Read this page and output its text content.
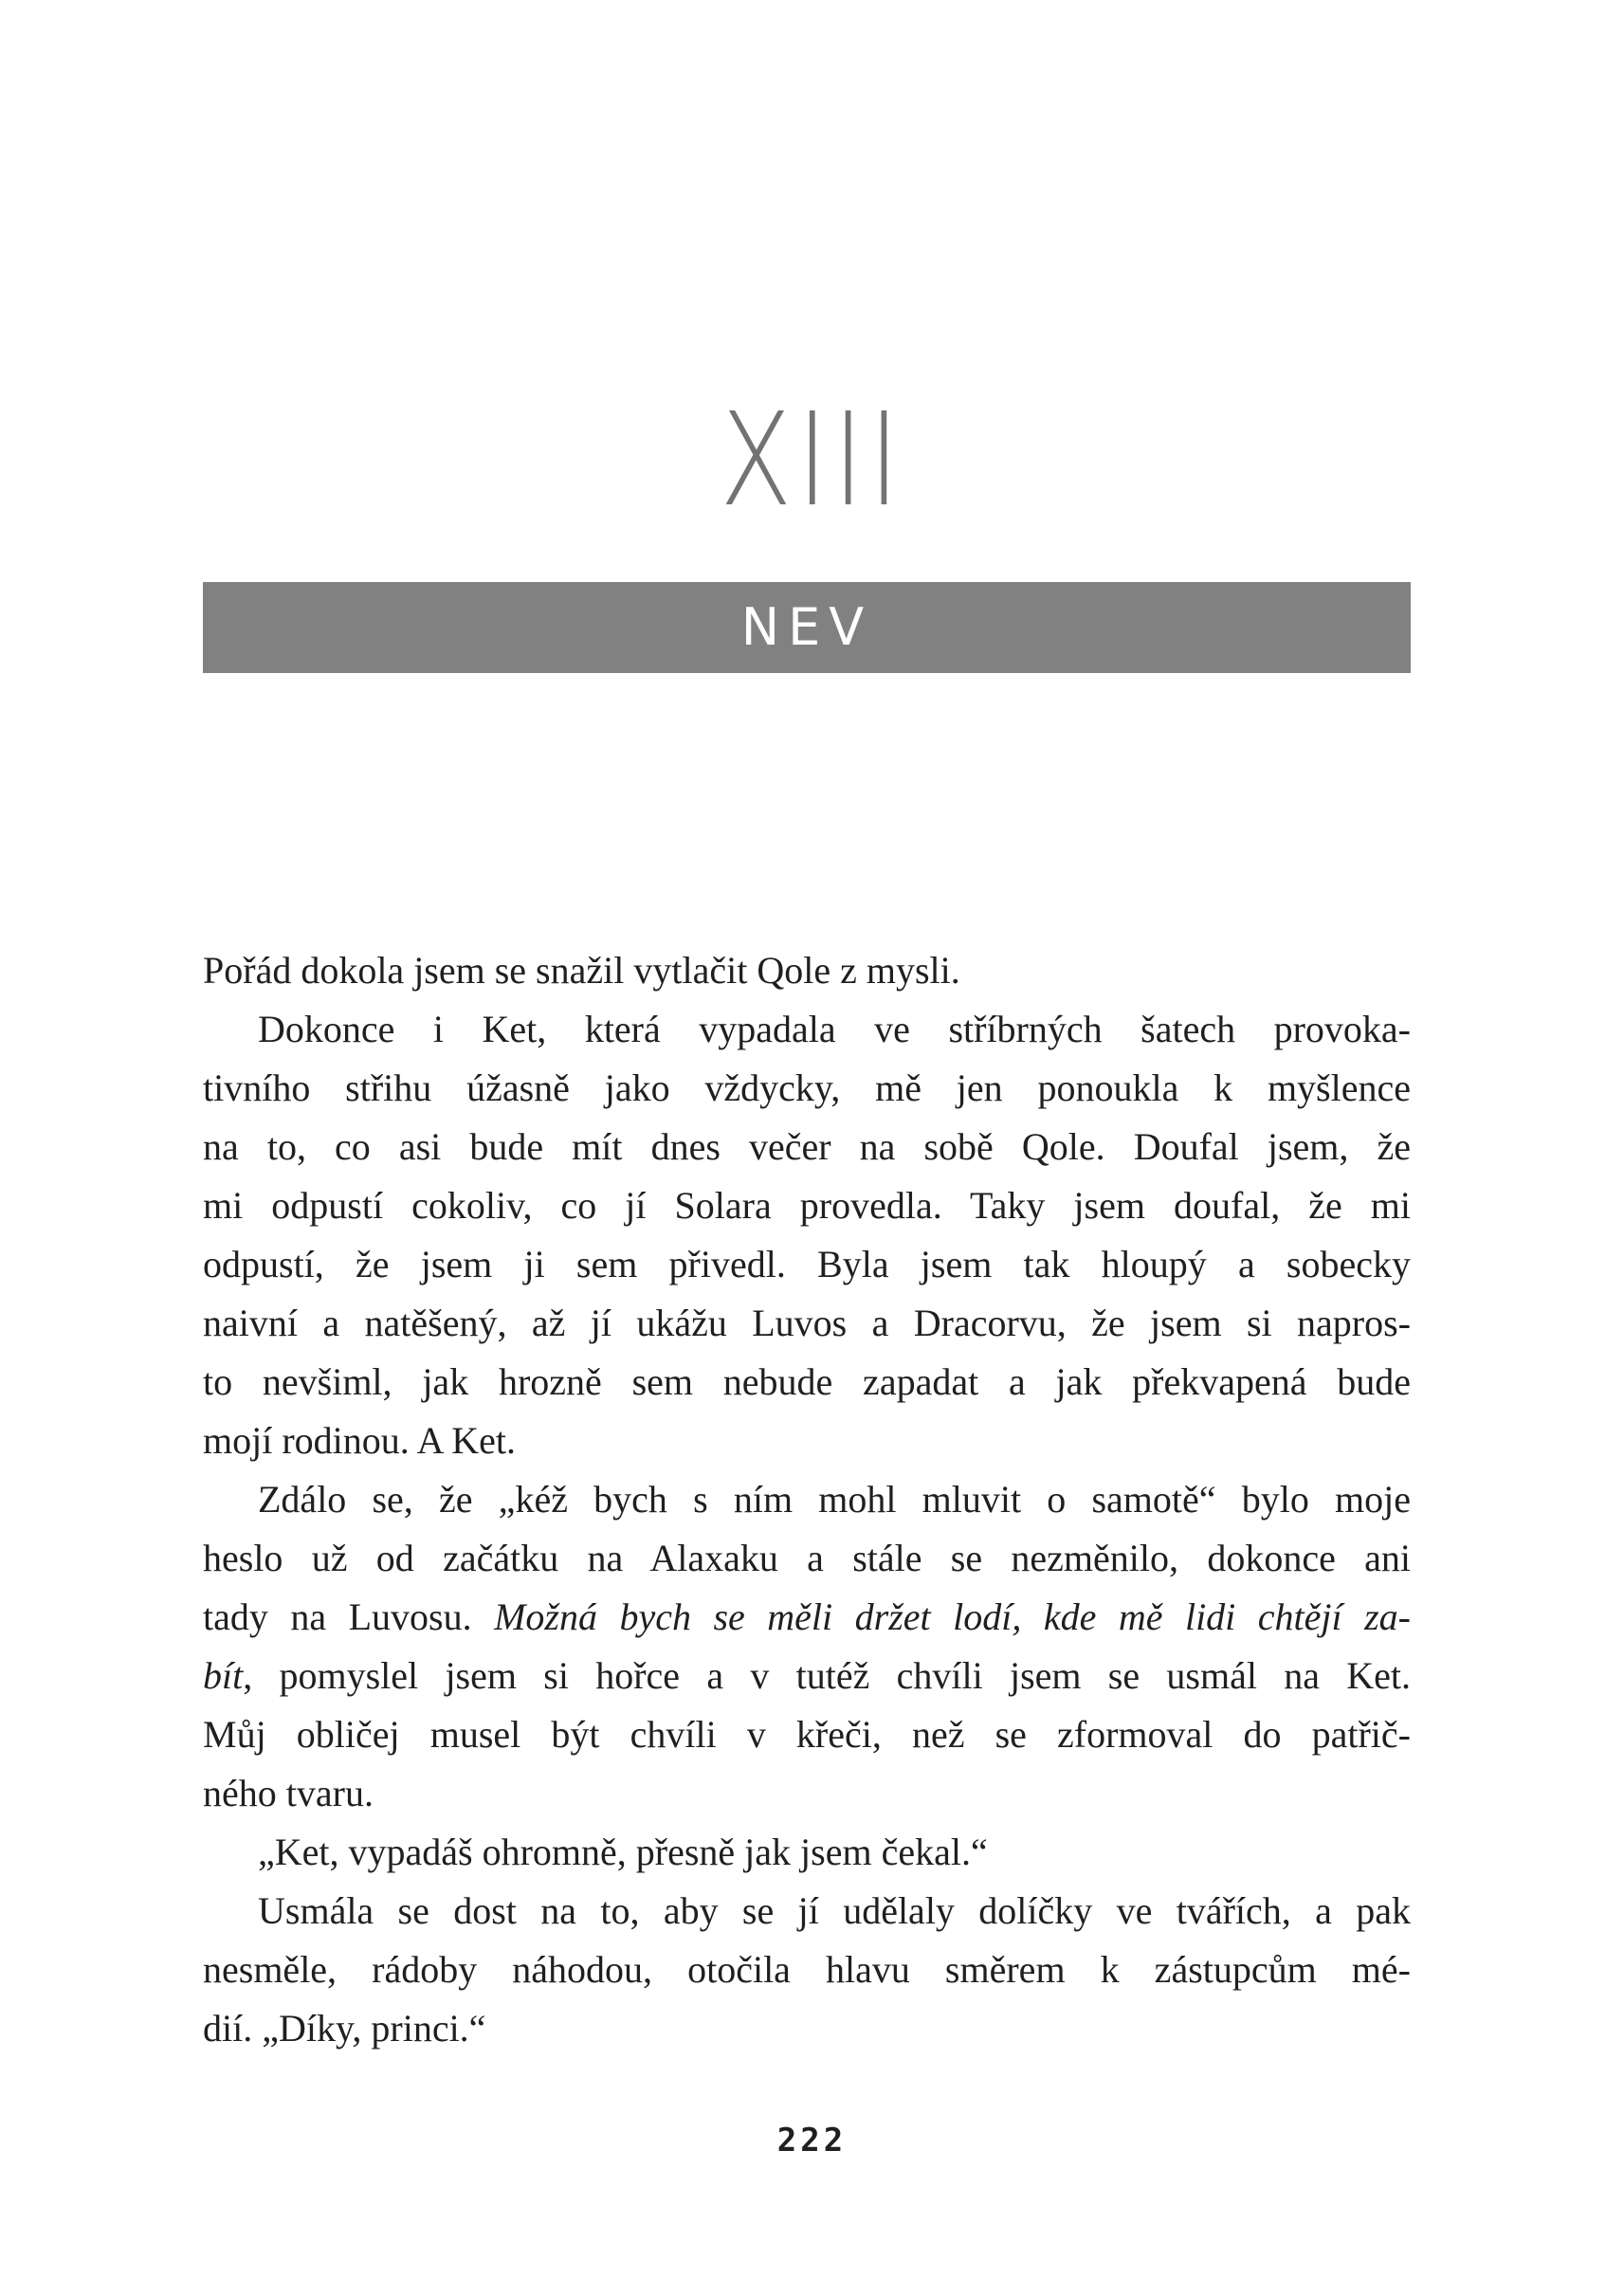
XIII
NEV
Pořád dokola jsem se snažil vytlačit Qole z mysli.
Dokonce i Ket, která vypadala ve stříbrných šatech provoka-
tivního střihu úžasně jako vždycky, mě jen ponoukla k myšlence
na to, co asi bude mít dnes večer na sobě Qole. Doufal jsem, že
mi odpustí cokoliv, co jí Solara provedla. Taky jsem doufal, že mi
odpustí, že jsem ji sem přivedl. Byla jsem tak hloupý a sobecky
naivní a natěšený, až jí ukážu Luvos a Dracorvu, že jsem si napros-
to nevšiml, jak hrozně sem nebude zapadat a jak překvapená bude
mojí rodinou. A Ket.
Zdálo se, že „kéž bych s ním mohl mluvit o samotě“ bylo moje
heslo už od začátku na Alaxaku a stále se nezměnilo, dokonce ani
tady na Luvosu. Možná bych se měli držet lodí, kde mě lidi chtějí za-
bít, pomyslel jsem si hořce a v tutéž chvíli jsem se usmál na Ket.
Můj obličej musel být chvíli v křeči, než se zformoval do patřič-
ného tvaru.
„Ket, vypadáš ohromně, přesně jak jsem čekal.“
Usmála se dost na to, aby se jí udělaly dolíčky ve tvářích, a pak
nesměle, rádoby náhodou, otočila hlavu směrem k zástupcům mé-
dií. „Díky, princi.“
222
